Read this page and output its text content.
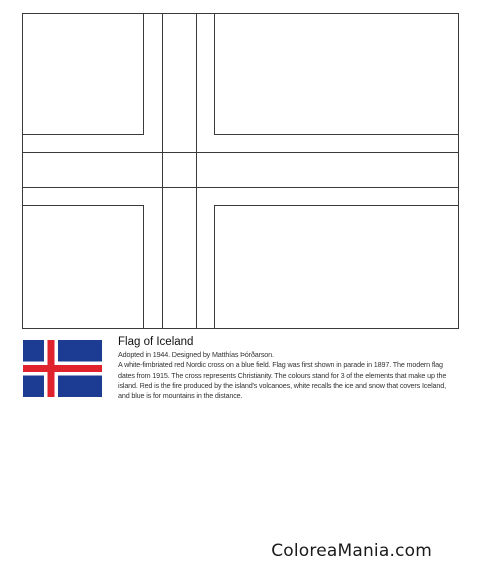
Flag of Iceland

Adopted in 1944. Designed by Matthías Þórðarson.

A white-fimbriated red Nordic cross on a blue field. Flag was first shown in parade in 1897. The modern flag

dates from 1915. The cross represents Christianity. The colours stand for 3 of the elements that make up the

island. Red is the fire produced by the island's volcanoes, white recalls the ice and snow that covers Iceland,

and blue is for mountains in the distance.

ColoreaMania.com
